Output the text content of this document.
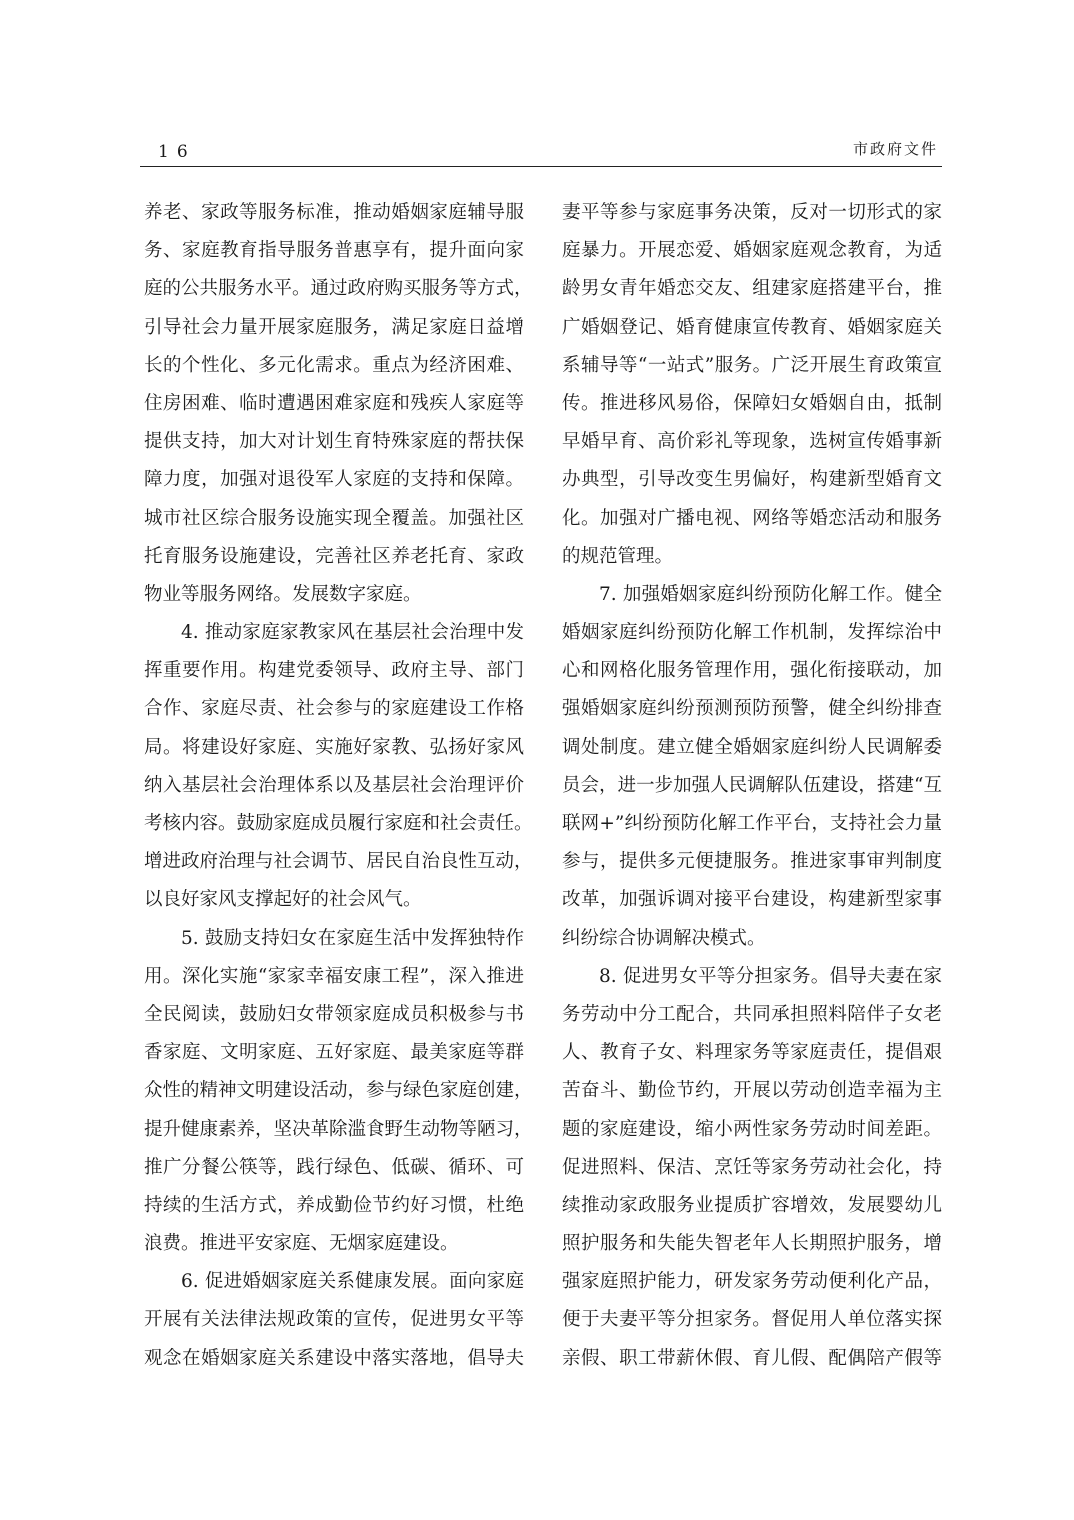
16	市政府文件
养老、家政等服务标准，推动婚姻家庭辅导服
务、家庭教育指导服务普惠享有，提升面向家
庭的公共服务水平。通过政府购买服务等方式，
引导社会力量开展家庭服务，满足家庭日益增
长的个性化、多元化需求。重点为经济困难、
住房困难、临时遭遇困难家庭和残疾人家庭等
提供支持，加大对计划生育特殊家庭的帮扶保
障力度，加强对退役军人家庭的支持和保障。
城市社区综合服务设施实现全覆盖。加强社区
托育服务设施建设，完善社区养老托育、家政
物业等服务网络。发展数字家庭。
4. 推动家庭家教家风在基层社会治理中发
挥重要作用。构建党委领导、政府主导、部门
合作、家庭尽责、社会参与的家庭建设工作格
局。将建设好家庭、实施好家教、弘扬好家风
纳入基层社会治理体系以及基层社会治理评价
考核内容。鼓励家庭成员履行家庭和社会责任。
增进政府治理与社会调节、居民自治良性互动，
以良好家风支撑起好的社会风气。
5. 鼓励支持妇女在家庭生活中发挥独特作
用。深化实施“家家幸福安康工程”，深入推进
全民阅读，鼓励妇女带领家庭成员积极参与书
香家庭、文明家庭、五好家庭、最美家庭等群
众性的精神文明建设活动，参与绿色家庭创建，
提升健康素养，坚决革除滥食野生动物等陋习，
推广分餐公筷等，践行绿色、低碳、循环、可
持续的生活方式，养成勤俭节约好习惯，杜绝
浪费。推进平安家庭、无烟家庭建设。
6. 促进婚姻家庭关系健康发展。面向家庭
开展有关法律法规政策的宣传，促进男女平等
观念在婚姻家庭关系建设中落实落地，倡导夫
妻平等参与家庭事务决策，反对一切形式的家
庭暴力。开展恋爱、婚姻家庭观念教育，为适
龄男女青年婚恋交友、组建家庭搭建平台，推
广婚姻登记、婚育健康宣传教育、婚姻家庭关
系辅导等“一站式”服务。广泛开展生育政策宣
传。推进移风易俗，保障妇女婚姻自由，抵制
早婚早育、高价彩礼等现象，选树宣传婚事新
办典型，引导改变生男偏好，构建新型婚育文
化。加强对广播电视、网络等婚恋活动和服务
的规范管理。
7. 加强婚姻家庭纠纷预防化解工作。健全
婚姻家庭纠纷预防化解工作机制，发挥综治中
心和网格化服务管理作用，强化衔接联动，加
强婚姻家庭纠纷预测预防预警，健全纠纷排查
调处制度。建立健全婚姻家庭纠纷人民调解委
员会，进一步加强人民调解队伍建设，搭建“互
联网+”纠纷预防化解工作平台，支持社会力量
参与，提供多元便捷服务。推进家事审判制度
改革，加强诉调对接平台建设，构建新型家事
纠纷综合协调解决模式。
8. 促进男女平等分担家务。倡导夫妻在家
务劳动中分工配合，共同承担照料陪伴子女老
人、教育子女、料理家务等家庭责任，提倡艰
苦奋斗、勤俭节约，开展以劳动创造幸福为主
题的家庭建设，缩小两性家务劳动时间差距。
促进照料、保洁、烹饪等家务劳动社会化，持
续推动家政服务业提质扩容增效，发展婴幼儿
照护服务和失能失智老年人长期照护服务，增
强家庭照护能力，研发家务劳动便利化产品，
便于夫妻平等分担家务。督促用人单位落实探
亲假、职工带薪休假、育儿假、配偶陪产假等
